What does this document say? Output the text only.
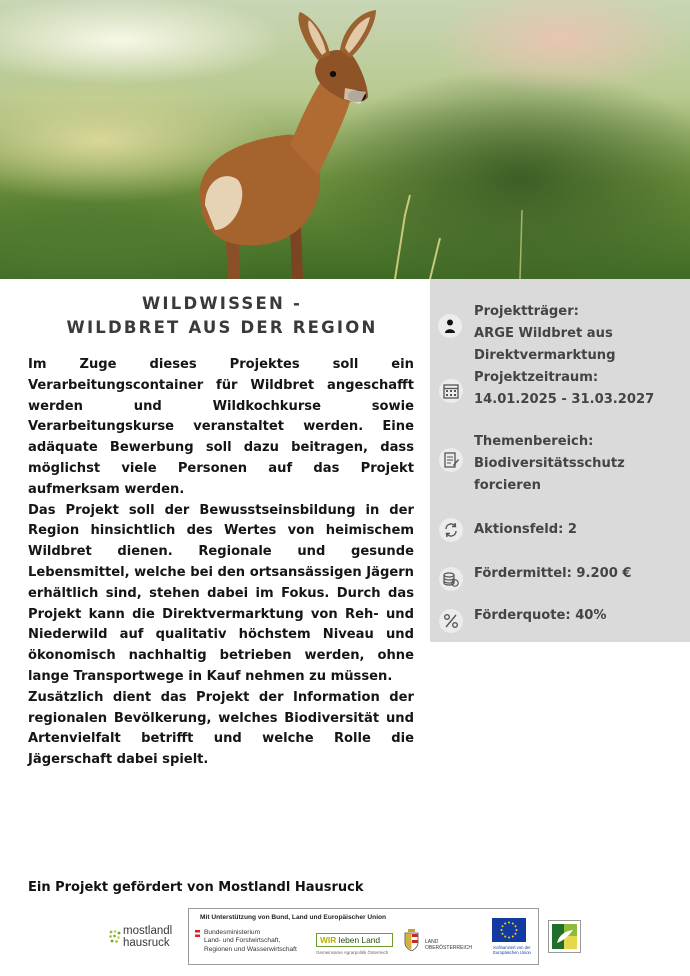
WILDWISSEN -
WILDBRET AUS DER REGION

Im Zuge dieses Projektes soll ein Verarbeitungscontainer für Wildbret angeschafft werden und Wildkochkurse sowie Verarbeitungskurse veranstaltet werden. Eine adäquate Bewerbung soll dazu beitragen, dass möglichst viele Personen auf das Projekt aufmerksam werden.

Das Projekt soll der Bewusstseinsbildung in der Region hinsichtlich des Wertes von heimischem Wildbret dienen. Regionale und gesunde Lebensmittel, welche bei den ortsansässigen Jägern erhältlich sind, stehen dabei im Fokus. Durch das Projekt kann die Direktvermarktung von Reh- und Niederwild auf qualitativ höchstem Niveau und ökonomisch nachhaltig betrieben werden, ohne lange Transportwege in Kauf nehmen zu müssen.

Zusätzlich dient das Projekt der Information der regionalen Bevölkerung, welches Biodiversität und Artenvielfalt betrifft und welche Rolle die Jägerschaft dabei spielt.

Projektträger:
ARGE Wildbret aus
Direktvermarktung
Projektzeitraum:
14.01.2025 - 31.03.2027
Themenbereich:
Biodiversitätsschutz
forcieren
Aktionsfeld: 2
Fördermittel: 9.200 €
Förderquote: 40%
Ein Projekt gefördert von Mostlandl Hausruck
mostlandl
hausruck
Mit Unterstützung von Bund, Land und Europäischer Union
Bundesministerium
Land- und Forstwirtschaft,
Regionen und Wasserwirtschaft
WIR leben Land
Gemeinsame Agrarpolitik Österreich
LAND
OBERÖSTERREICH	Kofinanziert von der
Europäischen Union
